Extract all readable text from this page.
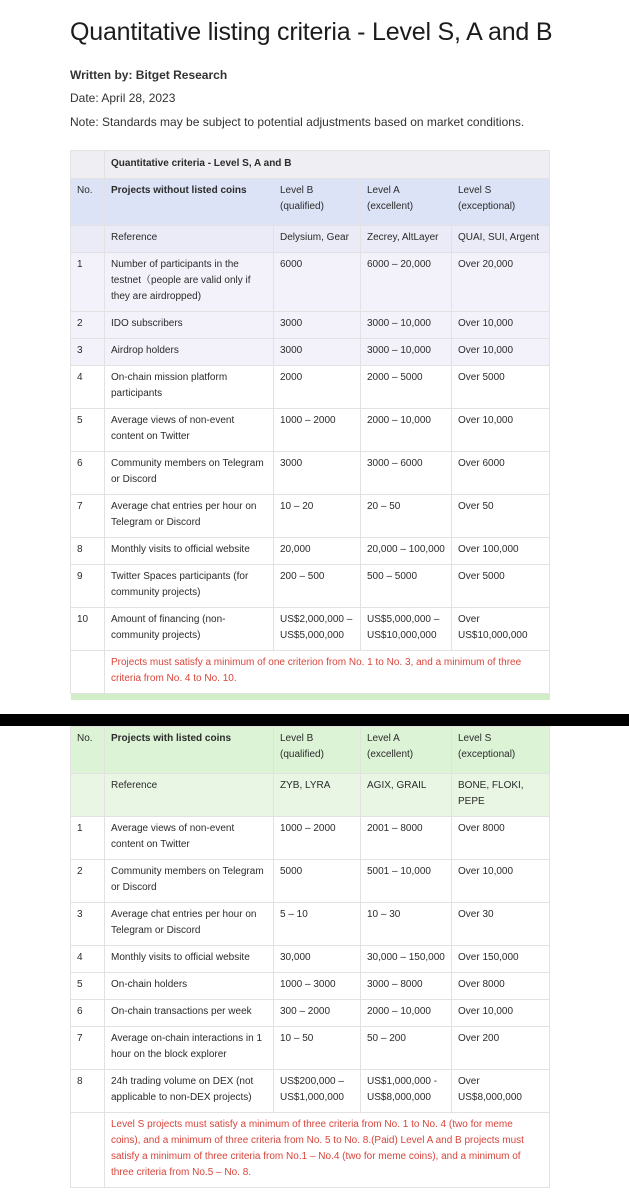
Quantitative listing criteria - Level S, A and B
Written by: Bitget Research
Date: April 28, 2023
Note: Standards may be subject to potential adjustments based on market conditions.
	Quantitative criteria - Level S, A and B			
No.	Projects without listed coins	Level B (qualified)	Level A (excellent)	Level S (exceptional)
	Reference	Delysium, Gear	Zecrey, AltLayer	QUAI, SUI, Argent
1	Number of participants in the testnet（people are valid only if they are airdropped)	6000	6000 – 20,000	Over 20,000
2	IDO subscribers	3000	3000 – 10,000	Over 10,000
3	Airdrop holders	3000	3000 – 10,000	Over 10,000
4	On-chain mission platform participants	2000	2000 – 5000	Over 5000
5	Average views of non-event content on Twitter	1000 – 2000	2000 – 10,000	Over 10,000
6	Community members on Telegram or Discord	3000	3000 – 6000	Over 6000
7	Average chat entries per hour on Telegram or Discord	10 – 20	20 – 50	Over 50
8	Monthly visits to official website	20,000	20,000 – 100,000	Over 100,000
9	Twitter Spaces participants (for community projects)	200 – 500	500 – 5000	Over 5000
10	Amount of financing (non-community projects)	US$2,000,000 – US$5,000,000	US$5,000,000 – US$10,000,000	Over US$10,000,000
	Projects must satisfy a minimum of one criterion from No. 1 to No. 3, and a minimum of three criteria from No. 4 to No. 10.			

No.	Projects with listed coins	Level B (qualified)	Level A (excellent)	Level S (exceptional)
	Reference	ZYB, LYRA	AGIX, GRAIL	BONE, FLOKI, PEPE
1	Average views of non-event content on Twitter	1000 – 2000	2001 – 8000	Over 8000
2	Community members on Telegram or Discord	5000	5001 – 10,000	Over 10,000
3	Average chat entries per hour on Telegram or Discord	5 – 10	10 – 30	Over 30
4	Monthly visits to official website	30,000	30,000 – 150,000	Over 150,000
5	On-chain holders	1000 – 3000	3000 – 8000	Over 8000
6	On-chain transactions per week	300 – 2000	2000 – 10,000	Over 10,000
7	Average on-chain interactions in 1 hour on the block explorer	10 – 50	50 – 200	Over 200
8	24h trading volume on DEX (not applicable to non-DEX projects)	US$200,000 – US$1,000,000	US$1,000,000 - US$8,000,000	Over US$8,000,000
	Level S projects must satisfy a minimum of three criteria from No. 1 to No. 4 (two for meme coins), and a minimum of three criteria from No. 5 to No. 8.(Paid) Level A and B projects must satisfy a minimum of three criteria from No.1 – No.4 (two for meme coins), and a minimum of three criteria from No.5 – No. 8.			
